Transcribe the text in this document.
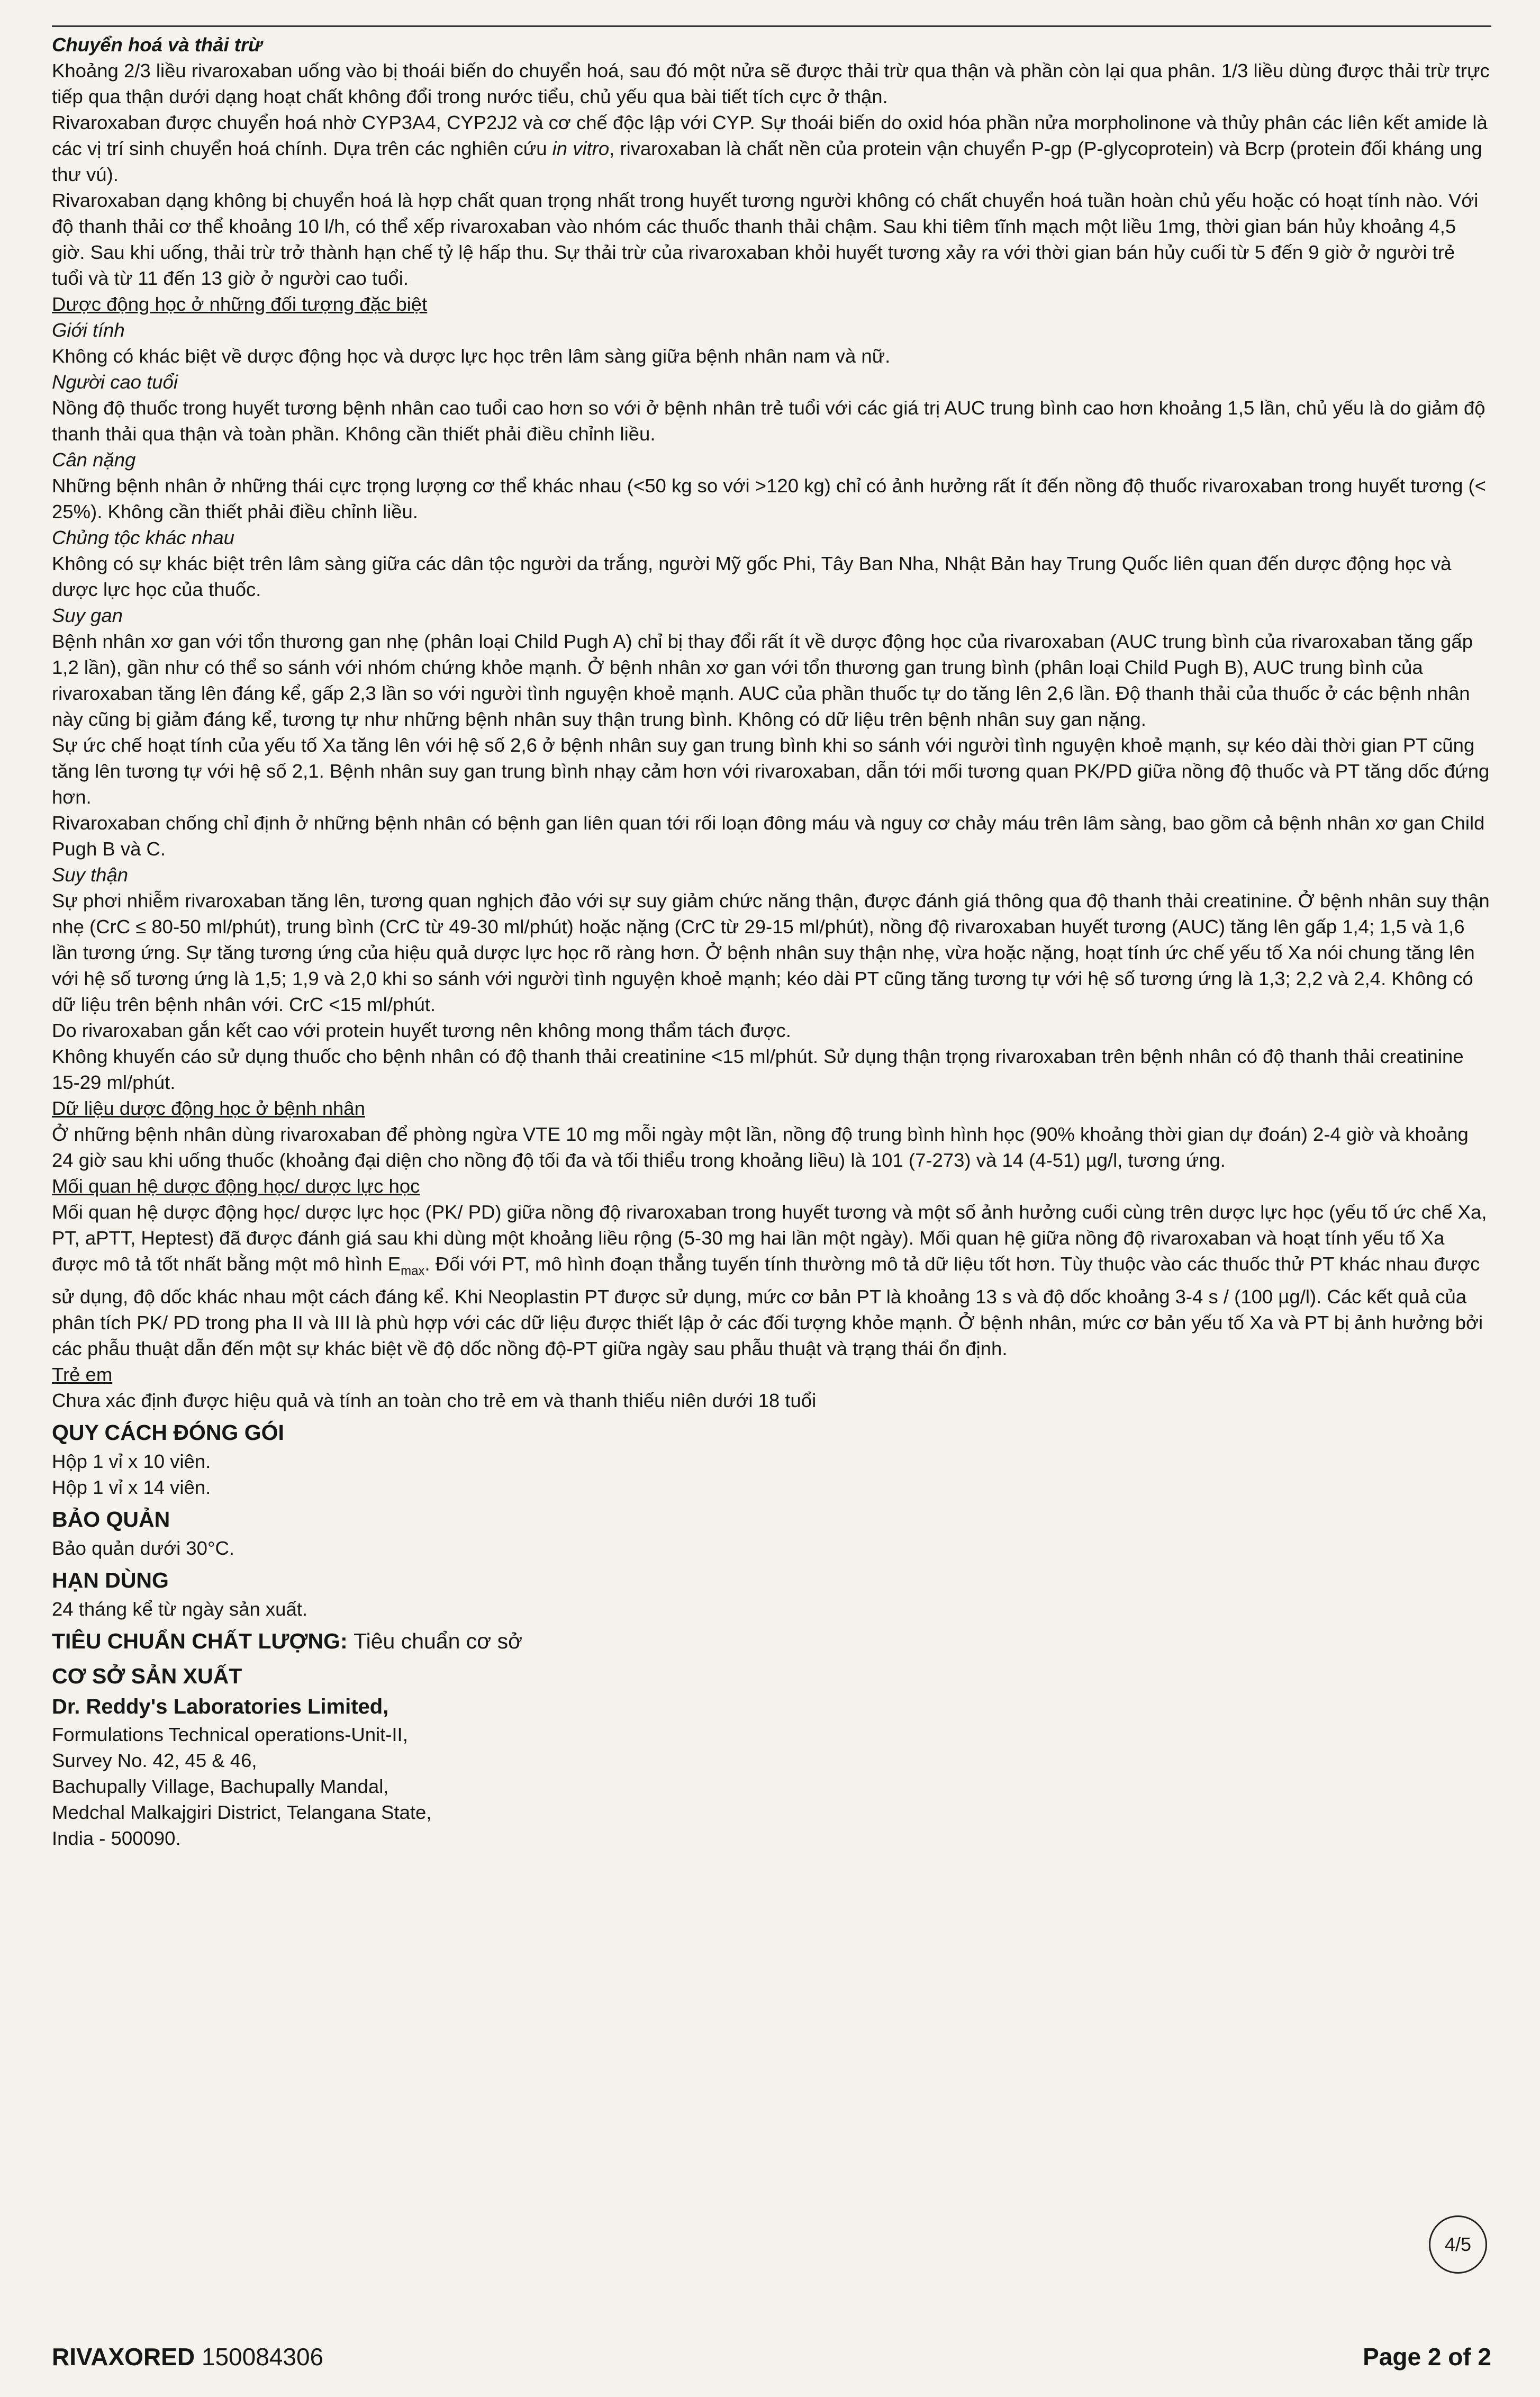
Chuyển hoá và thải trừ

Khoảng 2/3 liều rivaroxaban uống vào bị thoái biến do chuyển hoá, sau đó một nửa sẽ được thải trừ qua thận và phần còn lại qua phân. 1/3 liều dùng được thải trừ trực tiếp qua thận dưới dạng hoạt chất không đổi trong nước tiểu, chủ yếu qua bài tiết tích cực ở thận.

Rivaroxaban được chuyển hoá nhờ CYP3A4, CYP2J2 và cơ chế độc lập với CYP. Sự thoái biến do oxid hóa phần nửa morpholinone và thủy phân các liên kết amide là các vị trí sinh chuyển hoá chính. Dựa trên các nghiên cứu in vitro, rivaroxaban là chất nền của protein vận chuyển P-gp (P-glycoprotein) và Bcrp (protein đối kháng ung thư vú).

Rivaroxaban dạng không bị chuyển hoá là hợp chất quan trọng nhất trong huyết tương người không có chất chuyển hoá tuần hoàn chủ yếu hoặc có hoạt tính nào. Với độ thanh thải cơ thể khoảng 10 l/h, có thể xếp rivaroxaban vào nhóm các thuốc thanh thải chậm. Sau khi tiêm tĩnh mạch một liều 1mg, thời gian bán hủy khoảng 4,5 giờ. Sau khi uống, thải trừ trở thành hạn chế tỷ lệ hấp thu. Sự thải trừ của rivaroxaban khỏi huyết tương xảy ra với thời gian bán hủy cuối từ 5 đến 9 giờ ở người trẻ tuổi và từ 11 đến 13 giờ ở người cao tuổi.

Dược động học ở những đối tượng đặc biệt

Giới tính

Không có khác biệt về dược động học và dược lực học trên lâm sàng giữa bệnh nhân nam và nữ.

Người cao tuổi

Nồng độ thuốc trong huyết tương bệnh nhân cao tuổi cao hơn so với ở bệnh nhân trẻ tuổi với các giá trị AUC trung bình cao hơn khoảng 1,5 lần, chủ yếu là do giảm độ thanh thải qua thận và toàn phần. Không cần thiết phải điều chỉnh liều.

Cân nặng

Những bệnh nhân ở những thái cực trọng lượng cơ thể khác nhau (<50 kg so với >120 kg) chỉ có ảnh hưởng rất ít đến nồng độ thuốc rivaroxaban trong huyết tương (< 25%). Không cần thiết phải điều chỉnh liều.

Chủng tộc khác nhau

Không có sự khác biệt trên lâm sàng giữa các dân tộc người da trắng, người Mỹ gốc Phi, Tây Ban Nha, Nhật Bản hay Trung Quốc liên quan đến dược động học và dược lực học của thuốc.

Suy gan

Bệnh nhân xơ gan với tổn thương gan nhẹ (phân loại Child Pugh A) chỉ bị thay đổi rất ít về dược động học của rivaroxaban (AUC trung bình của rivaroxaban tăng gấp 1,2 lần), gần như có thể so sánh với nhóm chứng khỏe mạnh. Ở bệnh nhân xơ gan với tổn thương gan trung bình (phân loại Child Pugh B), AUC trung bình của rivaroxaban tăng lên đáng kể, gấp 2,3 lần so với người tình nguyện khoẻ mạnh. AUC của phần thuốc tự do tăng lên 2,6 lần. Độ thanh thải của thuốc ở các bệnh nhân này cũng bị giảm đáng kể, tương tự như những bệnh nhân suy thận trung bình. Không có dữ liệu trên bệnh nhân suy gan nặng.

Sự ức chế hoạt tính của yếu tố Xa tăng lên với hệ số 2,6 ở bệnh nhân suy gan trung bình khi so sánh với người tình nguyện khoẻ mạnh, sự kéo dài thời gian PT cũng tăng lên tương tự với hệ số 2,1. Bệnh nhân suy gan trung bình nhạy cảm hơn với rivaroxaban, dẫn tới mối tương quan PK/PD giữa nồng độ thuốc và PT tăng dốc đứng hơn.

Rivaroxaban chống chỉ định ở những bệnh nhân có bệnh gan liên quan tới rối loạn đông máu và nguy cơ chảy máu trên lâm sàng, bao gồm cả bệnh nhân xơ gan Child Pugh B và C.

Suy thận

Sự phơi nhiễm rivaroxaban tăng lên, tương quan nghịch đảo với sự suy giảm chức năng thận, được đánh giá thông qua độ thanh thải creatinine. Ở bệnh nhân suy thận nhẹ (CrC ≤ 80-50 ml/phút), trung bình (CrC từ 49-30 ml/phút) hoặc nặng (CrC từ 29-15 ml/phút), nồng độ rivaroxaban huyết tương (AUC) tăng lên gấp 1,4; 1,5 và 1,6 lần tương ứng. Sự tăng tương ứng của hiệu quả dược lực học rõ ràng hơn. Ở bệnh nhân suy thận nhẹ, vừa hoặc nặng, hoạt tính ức chế yếu tố Xa nói chung tăng lên với hệ số tương ứng là 1,5; 1,9 và 2,0 khi so sánh với người tình nguyện khoẻ mạnh; kéo dài PT cũng tăng tương tự với hệ số tương ứng là 1,3; 2,2 và 2,4. Không có dữ liệu trên bệnh nhân với. CrC <15 ml/phút.

Do rivaroxaban gắn kết cao với protein huyết tương nên không mong thẩm tách được.

Không khuyến cáo sử dụng thuốc cho bệnh nhân có độ thanh thải creatinine <15 ml/phút. Sử dụng thận trọng rivaroxaban trên bệnh nhân có độ thanh thải creatinine 15-29 ml/phút.

Dữ liệu dược động học ở bệnh nhân

Ở những bệnh nhân dùng rivaroxaban để phòng ngừa VTE 10 mg mỗi ngày một lần, nồng độ trung bình hình học (90% khoảng thời gian dự đoán) 2-4 giờ và khoảng 24 giờ sau khi uống thuốc (khoảng đại diện cho nồng độ tối đa và tối thiểu trong khoảng liều) là 101 (7-273) và 14 (4-51) µg/l, tương ứng.

Mối quan hệ dược động học/ dược lực học

Mối quan hệ dược động học/ dược lực học (PK/ PD) giữa nồng độ rivaroxaban trong huyết tương và một số ảnh hưởng cuối cùng trên dược lực học (yếu tố ức chế Xa, PT, aPTT, Heptest) đã được đánh giá sau khi dùng một khoảng liều rộng (5-30 mg hai lần một ngày). Mối quan hệ giữa nồng độ rivaroxaban và hoạt tính yếu tố Xa được mô tả tốt nhất bằng một mô hình $E_{max}$. Đối với PT, mô hình đoạn thẳng tuyến tính thường mô tả dữ liệu tốt hơn. Tùy thuộc vào các thuốc thử PT khác nhau được sử dụng, độ dốc khác nhau một cách đáng kể. Khi Neoplastin PT được sử dụng, mức cơ bản PT là khoảng 13 s và độ dốc khoảng 3-4 s / (100 µg/l). Các kết quả của phân tích PK/ PD trong pha II và III là phù hợp với các dữ liệu được thiết lập ở các đối tượng khỏe mạnh. Ở bệnh nhân, mức cơ bản yếu tố Xa và PT bị ảnh hưởng bởi các phẫu thuật dẫn đến một sự khác biệt về độ dốc nồng độ-PT giữa ngày sau phẫu thuật và trạng thái ổn định.

Trẻ em

Chưa xác định được hiệu quả và tính an toàn cho trẻ em và thanh thiếu niên dưới 18 tuổi

QUY CÁCH ĐÓNG GÓI

Hộp 1 vỉ x 10 viên.

Hộp 1 vỉ x 14 viên.

BẢO QUẢN

Bảo quản dưới 30°C.

HẠN DÙNG

24 tháng kể từ ngày sản xuất.

TIÊU CHUẨN CHẤT LƯỢNG: Tiêu chuẩn cơ sở

CƠ SỞ SẢN XUẤT

Dr. Reddy's Laboratories Limited,

Formulations Technical operations-Unit-II,

Survey No. 42, 45 & 46,

Bachupally Village, Bachupally Mandal,

Medchal Malkajgiri District, Telangana State,

India - 500090.

4/5
RIVAXORED 150084306	Page 2 of 2
